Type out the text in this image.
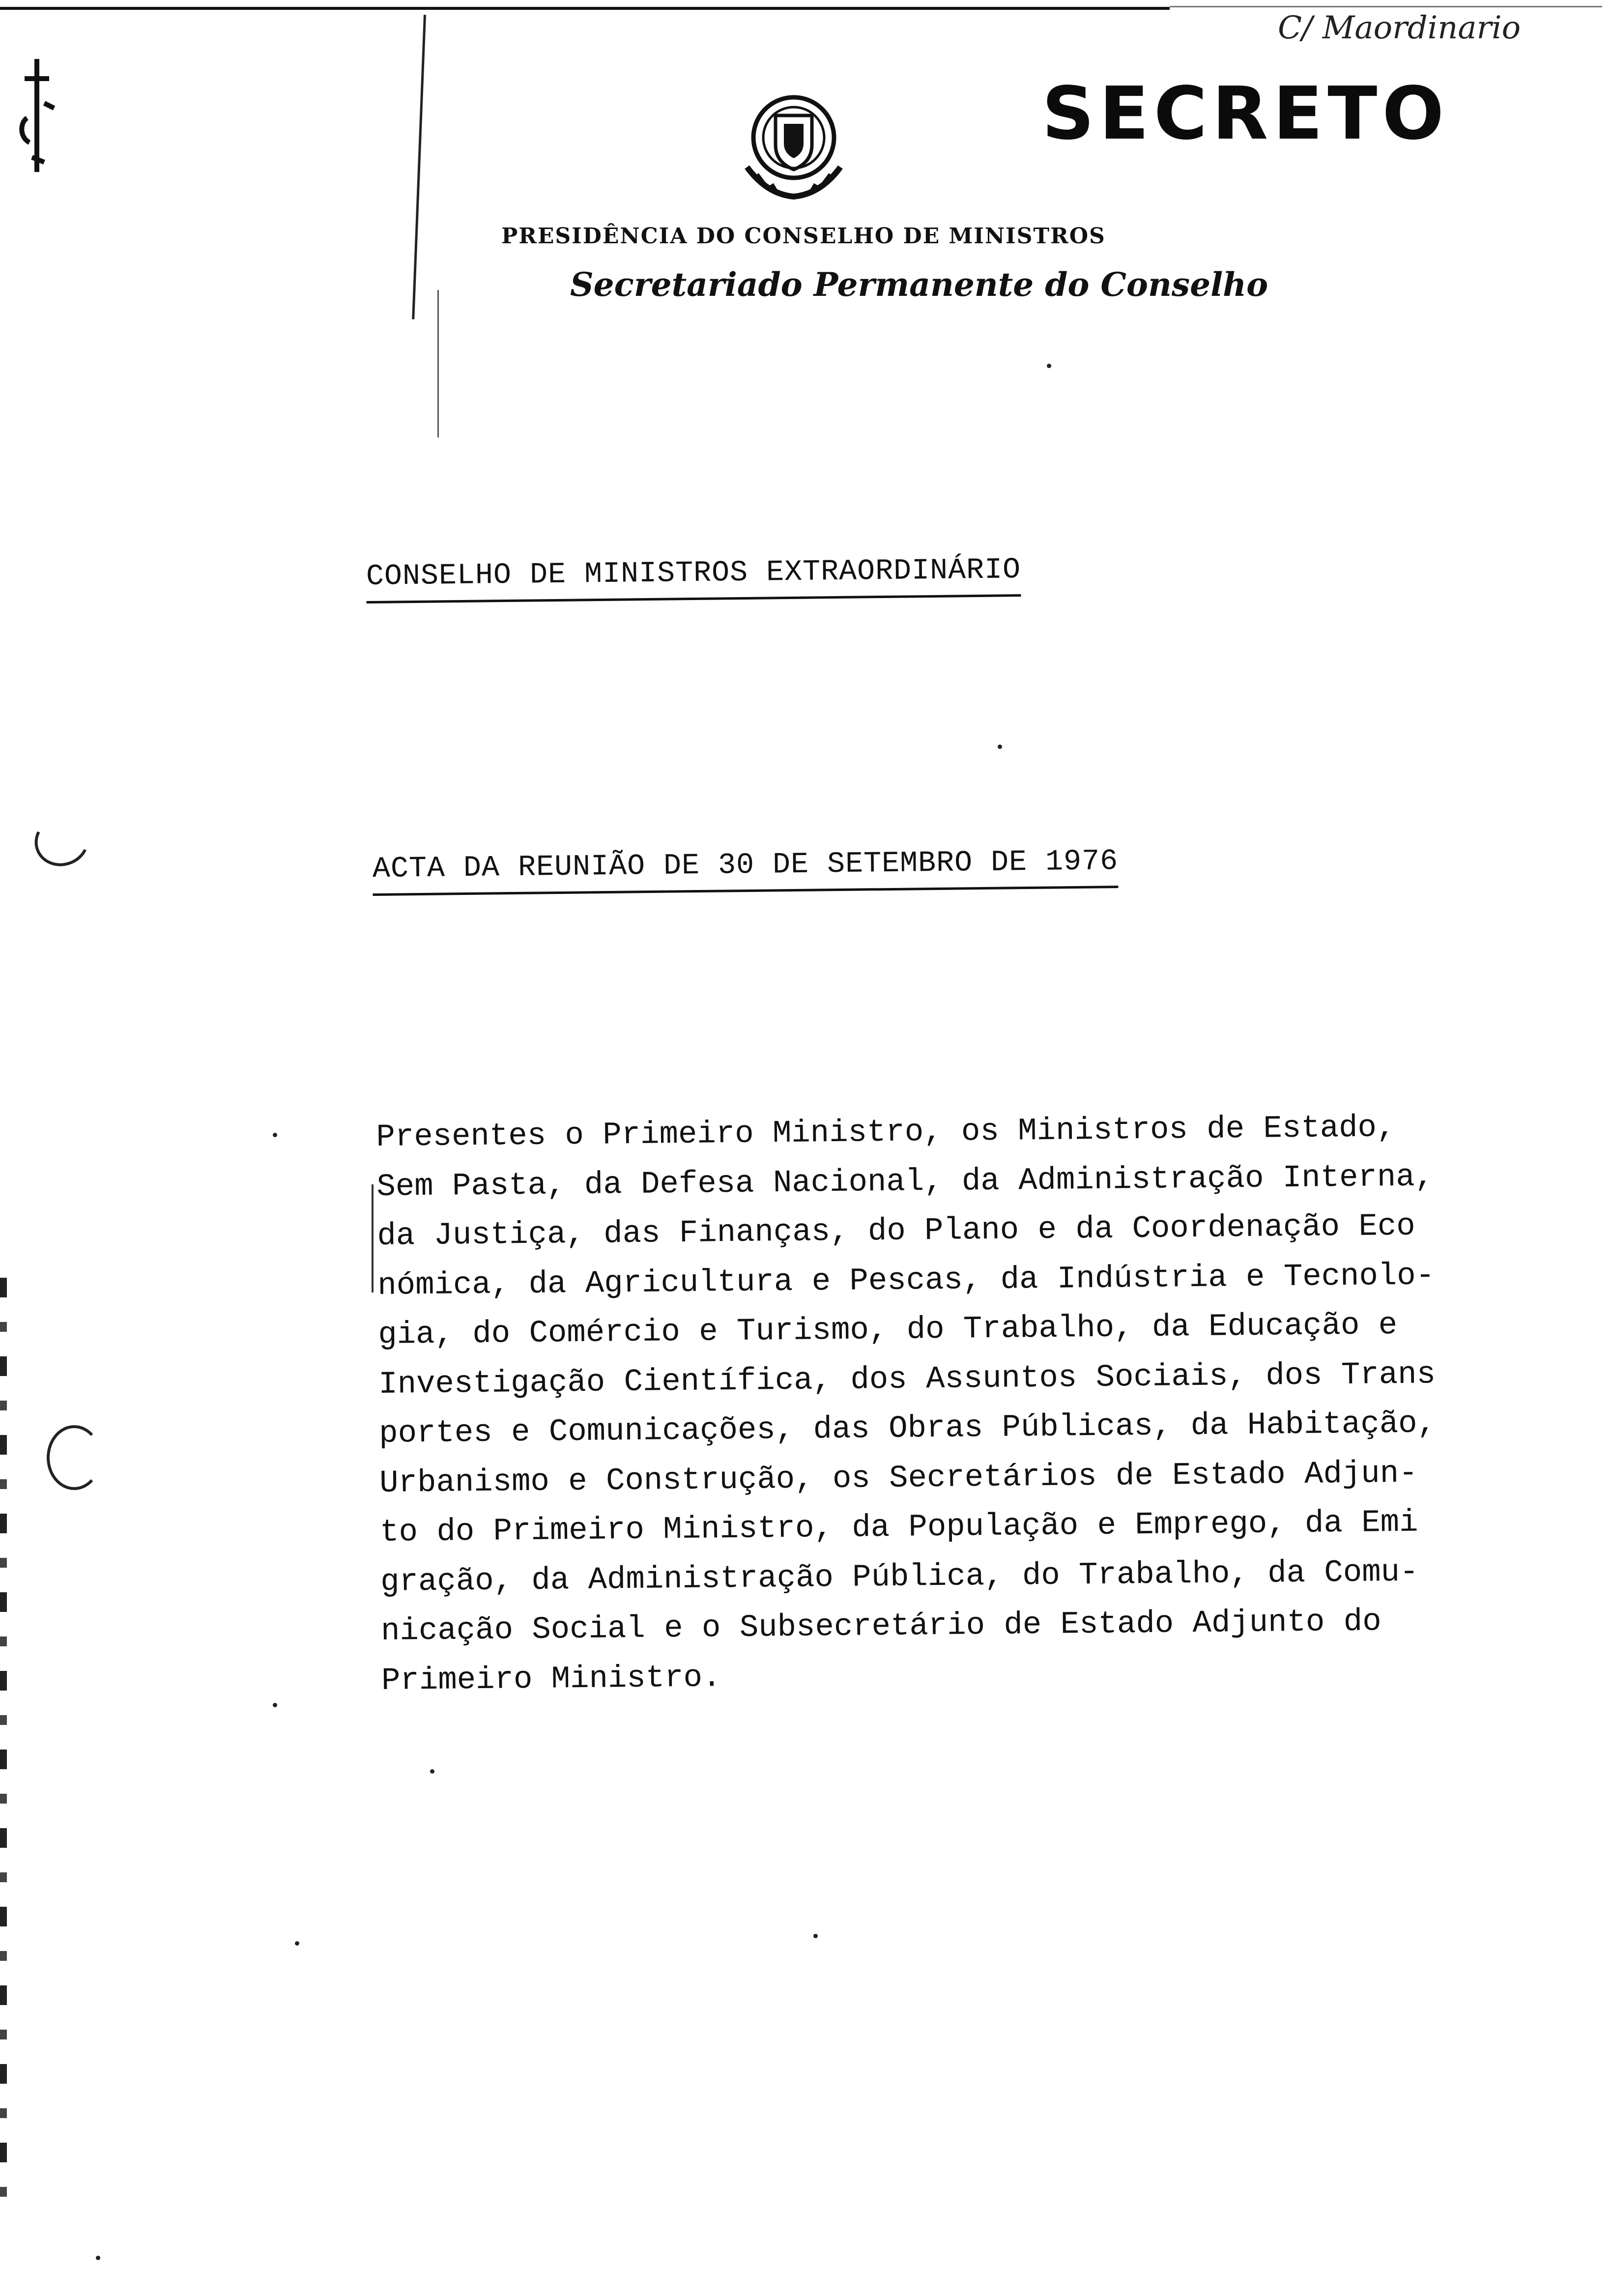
C/ Maordinario
SECRETO
PRESIDÊNCIA DO CONSELHO DE MINISTROS
Secretariado Permanente do Conselho
CONSELHO DE MINISTROS EXTRAORDINÁRIO
ACTA DA REUNIÃO DE 30 DE SETEMBRO DE 1976
Presentes o Primeiro Ministro, os Ministros de Estado,
Sem Pasta, da Defesa Nacional, da Administração Interna,
da Justiça, das Finanças, do Plano e da Coordenação Eco
nómica, da Agricultura e Pescas, da Indústria e Tecnolo-
gia, do Comércio e Turismo, do Trabalho, da Educação e
Investigação Científica, dos Assuntos Sociais, dos Trans
portes e Comunicações, das Obras Públicas, da Habitação,
Urbanismo e Construção, os Secretários de Estado Adjun-
to do Primeiro Ministro, da População e Emprego, da Emi
gração, da Administração Pública, do Trabalho, da Comu-
nicação Social e o Subsecretário de Estado Adjunto do
Primeiro Ministro.
